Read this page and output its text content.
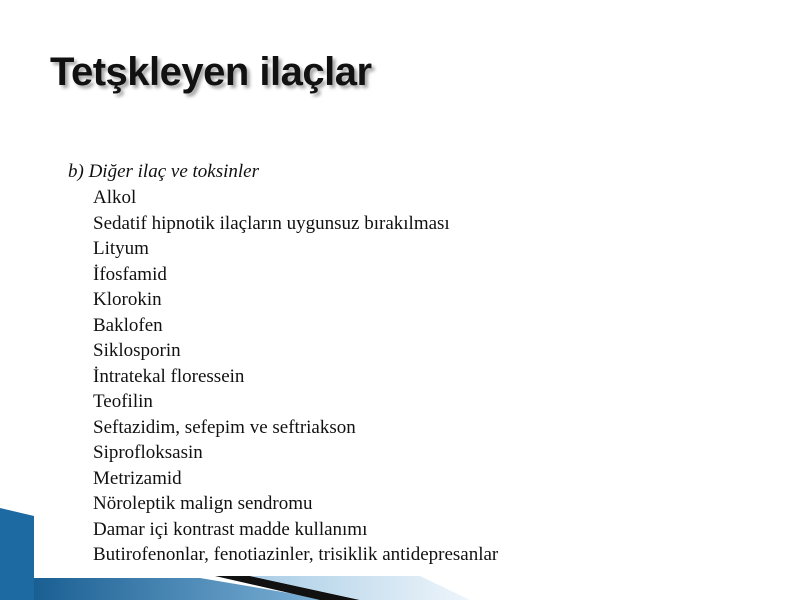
Tetşkleyen ilaçlar
b) Diğer ilaç ve toksinler
Alkol
Sedatif hipnotik ilaçların uygunsuz bırakılması
Lityum
İfosfamid
Klorokin
Baklofen
Siklosporin
İntratekal floressein
Teofilin
Seftazidim, sefepim ve seftriakson
Siprofloksasin
Metrizamid
Nöroleptik malign sendromu
Damar içi kontrast madde kullanımı
Butirofenonlar, fenotiazinler, trisiklik antidepresanlar
